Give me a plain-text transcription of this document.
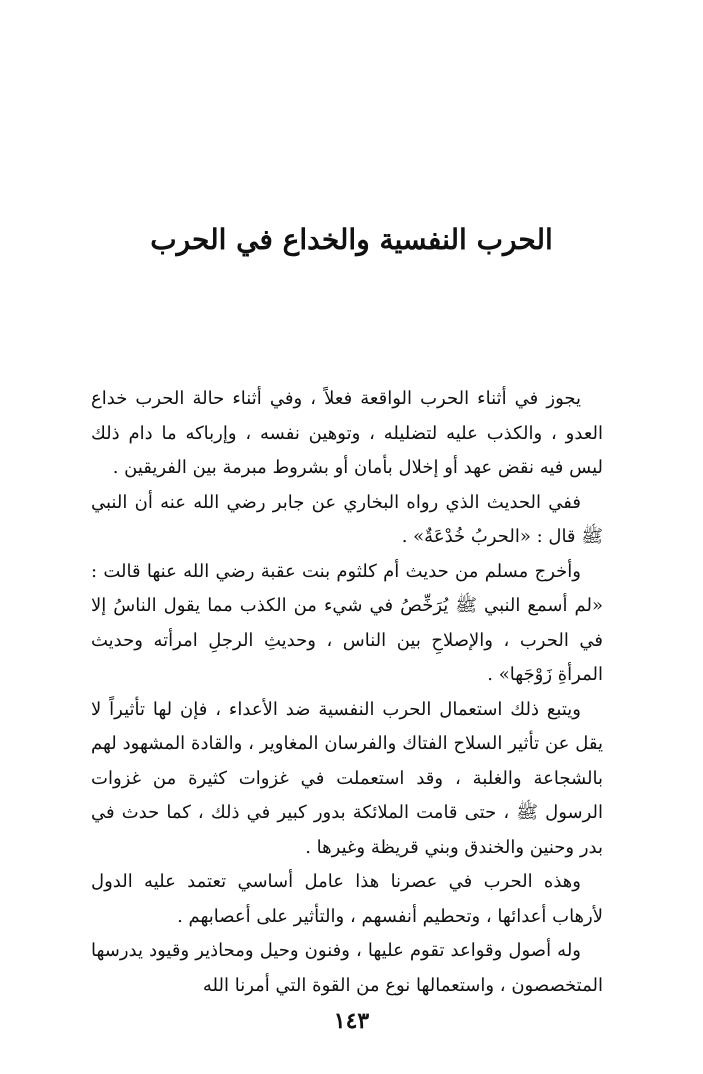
الحرب النفسية والخداع في الحرب

يجوز في أثناء الحرب الواقعة فعلاً ، وفي أثناء حالة الحرب خداع العدو ، والكذب عليه لتضليله ، وتوهين نفسه ، وإرباكه ما دام ذلك ليس فيه نقض عهد أو إخلال بأمان أو بشروط مبرمة بين الفريقين .

ففي الحديث الذي رواه البخاري عن جابر رضي الله عنه أن النبي ﷺ قال : «الحربُ خُدْعَةٌ» .

وأخرج مسلم من حديث أم كلثوم بنت عقبة رضي الله عنها قالت : «لم أسمع النبي ﷺ يُرَخِّصُ في شيء من الكذب مما يقول الناسُ إلا في الحرب ، والإصلاحِ بين الناس ، وحديثِ الرجلِ امرأته وحديث المرأةِ زَوْجَها» .

ويتبع ذلك استعمال الحرب النفسية ضد الأعداء ، فإن لها تأثيراً لا يقل عن تأثير السلاح الفتاك والفرسان المغاوير ، والقادة المشهود لهم بالشجاعة والغلبة ، وقد استعملت في غزوات كثيرة من غزوات الرسول ﷺ ، حتى قامت الملائكة بدور كبير في ذلك ، كما حدث في بدر وحنين والخندق وبني قريظة وغيرها .

وهذه الحرب في عصرنا هذا عامل أساسي تعتمد عليه الدول لأرهاب أعدائها ، وتحطيم أنفسهم ، والتأثير على أعصابهم .

وله أصول وقواعد تقوم عليها ، وفنون وحيل ومحاذير وقيود يدرسها المتخصصون ، واستعمالها نوع من القوة التي أمرنا الله

١٤٣
